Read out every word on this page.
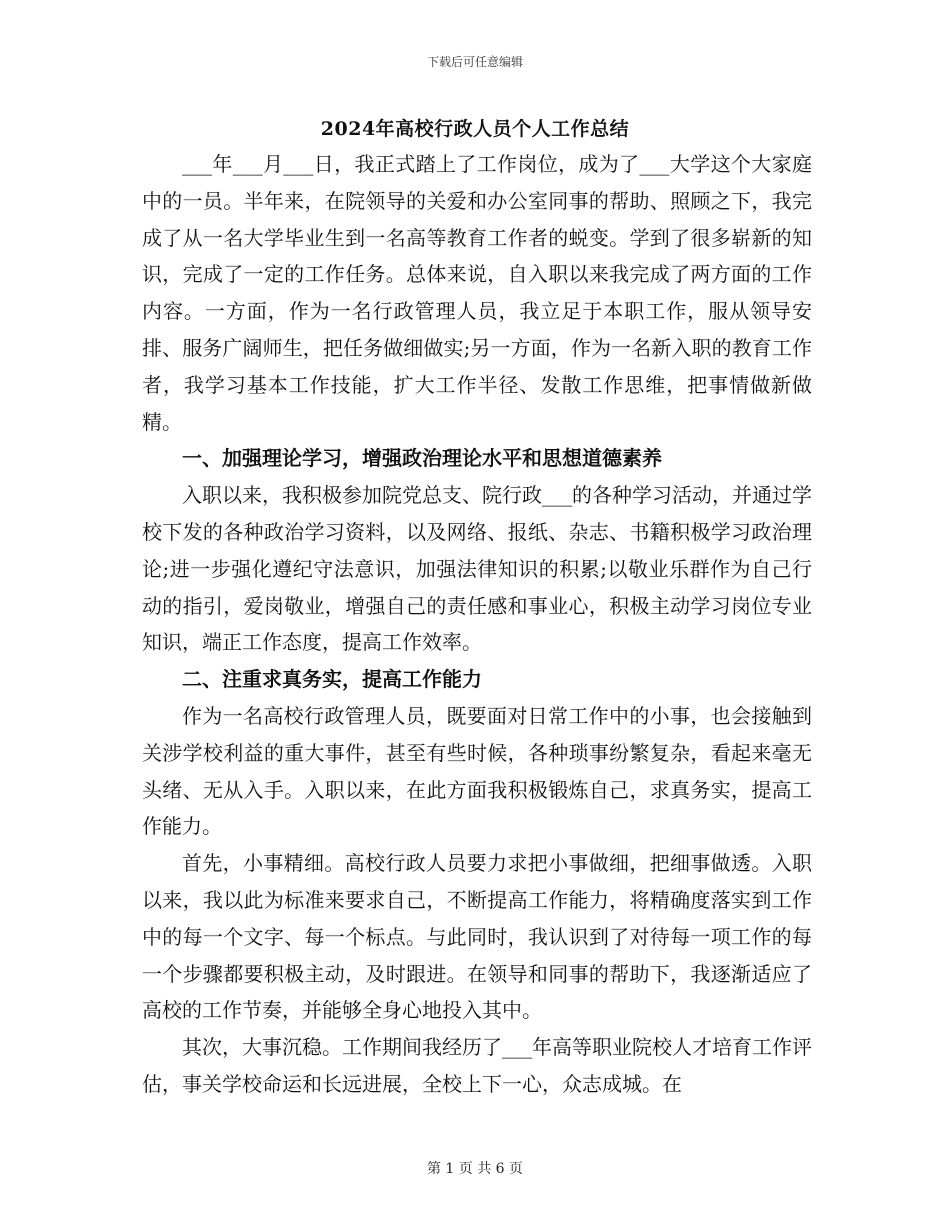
下载后可任意编辑
2024年高校行政人员个人工作总结

___年___月___日，我正式踏上了工作岗位，成为了___大学这个大家庭中的一员。半年来，在院领导的关爱和办公室同事的帮助、照顾之下，我完成了从一名大学毕业生到一名高等教育工作者的蜕变。学到了很多崭新的知识，完成了一定的工作任务。总体来说，自入职以来我完成了两方面的工作内容。一方面，作为一名行政管理人员，我立足于本职工作，服从领导安排、服务广阔师生，把任务做细做实;另一方面，作为一名新入职的教育工作者，我学习基本工作技能，扩大工作半径、发散工作思维，把事情做新做精。

一、加强理论学习，增强政治理论水平和思想道德素养

入职以来，我积极参加院党总支、院行政___的各种学习活动，并通过学校下发的各种政治学习资料，以及网络、报纸、杂志、书籍积极学习政治理论;进一步强化遵纪守法意识，加强法律知识的积累;以敬业乐群作为自己行动的指引，爱岗敬业，增强自己的责任感和事业心，积极主动学习岗位专业知识，端正工作态度，提高工作效率。

二、注重求真务实，提高工作能力

作为一名高校行政管理人员，既要面对日常工作中的小事，也会接触到关涉学校利益的重大事件，甚至有些时候，各种琐事纷繁复杂，看起来毫无头绪、无从入手。入职以来，在此方面我积极锻炼自己，求真务实，提高工作能力。

首先，小事精细。高校行政人员要力求把小事做细，把细事做透。入职以来，我以此为标准来要求自己，不断提高工作能力，将精确度落实到工作中的每一个文字、每一个标点。与此同时，我认识到了对待每一项工作的每一个步骤都要积极主动，及时跟进。在领导和同事的帮助下，我逐渐适应了高校的工作节奏，并能够全身心地投入其中。

其次，大事沉稳。工作期间我经历了___年高等职业院校人才培育工作评估，事关学校命运和长远进展，全校上下一心，众志成城。在

第 1 页 共 6 页
